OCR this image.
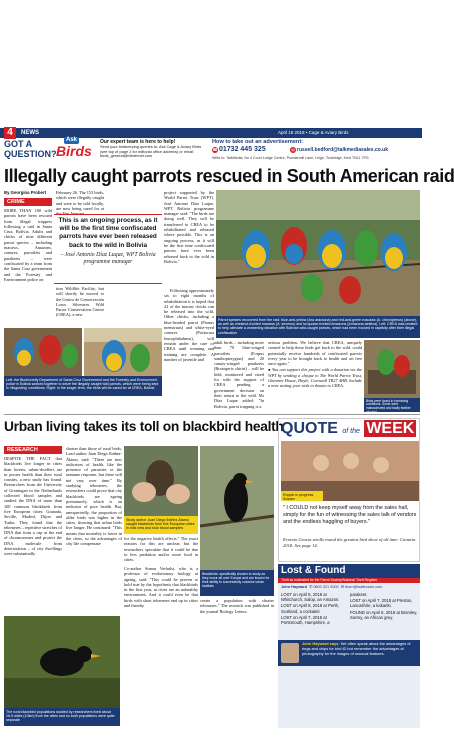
4	NEWS	April 18 2018 • Cage & Aviary Birds
GOT A
QUESTION?
Ask
Birds
Our expert team is here to help!
Send your birdkeeping queries to: Ask Cage & Aviary Birds (see top of page 2 for editorial office address) or email: birds_general@btinternet.com
How to take out an advertisement:
☎ 01732 445 325	@ russell.bedford@talkmediasales.co.uk
Write to: TalkMedia, No 4 Court Lodge Centre, Powdermill Lane, Leigh, Tonbridge, Kent TN11 7PG
Illegally caught parrots rescued in South American raid
By Georgina Probert
CRIME

MORE THAN 100 wild parrots have been rescued from illegal trappers following a raid in Santa Cruz, Bolivia. Adults and chicks of nine different parrot species – including macaws, Amazons, conures, parrotlets and parakeets – were confiscated by a team from the Santa Cruz government and the Forestry and Environment police on

February 26. The 153 birds, which were illegally caught and were to be sold locally, are now being cared for at the Fini Atenimi

This is an ongoing process, as it will be the first time confiscated parrots have ever been released back to the wild in Bolivia
– José Antonio Díaz Luque, WPT Bolivia programme manager

tion Wildlife Facility, but will shortly be moved to the Centro de Conservación Loros Silvestres Wild Parrot Conservation Centre (CREA), a new

project supported by the World Parrot Trust (WPT). José Antonio Díaz Luque, WPT Bolivia programme manager said: "The birds are doing well. They will be transferred to CREA to be rehabilitated and released where possible. This is an ongoing process, as it will be the first time confiscated parrots have ever been released back to the wild in Bolivia."

Parrot species recovered from the raid: blue-and-yellow (Ara ararauna) and red-and-green macaws (A. chloropterus) (above), as well as chestnut-fronted macaws (A. severus) and turquoise-fronted Amazons (Amazona aestiva). Left: CREA was created to help alleviate a worsening situation with Bolivian wild-caught parrots, which had been housed in captivity after their illegal confiscation

Following approximately six to eight months of rehabilitation it is hoped that 22 of the macaw chicks can be released into the wild. Other chicks, including a blue-headed parrot (Pionus menstruus) and white-eyed conures (Psittacara leucophthalmus), will remain under the care of CREA until weaning and training are complete. A number of juvenile and

Left: the Biodiversity Department of Santa Cruz Government and the Forestry and Environment police in Bolivia worked together to seize the illegally caught wild parrots, which were being kept in 'disgusting' conditions. Right: in the longer term, the birds will be cared for at CREA, Bolivia

adult birds – including more than 70 blue-winged parrotlets (Forpus xanthopterygius) and 20 canary-winged parakeets (Brotogeris chiriri) – will be held, monitored and cared for with the support of CREA pending a government decision on their return to the wild. Mr Díaz Luque added: "In Bolivia, parrot trapping is a

serious problem. We believe that CREA, uniquely created to help these birds get back to the wild, could potentially receive hundreds of confiscated parrots every year to be brought back to health and set free once again."

● You can support this project with a donation via the WPT by sending a cheque to The World Parrot Trust, Glanmor House, Hayle, Cornwall TR27 4HB. Include a note stating your wish to donate to CREA.

Birds were found in harrowing conditions. Some were malnourished and badly feather plucked
Urban living takes its toll on blackbird health
RESEARCH

DESPITE THE FACT that blackbirds live longer in cities than forests, urban-dwellers are in poorer health than their rural cousins, a new study has found. Researchers from the University of Groningen in the Netherlands collected blood samples and studied the DNA of more than 100 common blackbirds from five European cities: Granada, Seville, Madrid, Dijon and Turku. They found that the telomeres – repetitive stretches of DNA that form a cap at the end of chromosomes and protect the DNA molecule from deterioration – of city dwellings were substantially

shorter than those of rural birds. Lead author Juan Diego Ibáñez-Álamo, said: "These are new indicators of health, like the presence of parasites or the immune response, but these will not vary over time." By studying telomeres, the researchers could prove that city blackbirds are ageing prematurely, which is an indicator of poor health. But, unexpectedly, the proportion of older birds was higher in the cities, showing that urban birds live longer. He continued: "This means that mortality is lower in the cities, so the advantages of city life compensate

Study author Juan Diego Ibáñez-Álamo caught blackbirds from five European cities in mist nets and took blood samples
Blackbirds: specifically chosen to study as they occur all over Europe and are known for their ability to successfully colonise urban habitats

for the negative health effects." The exact reasons for this are unclear, but the researchers speculate that it could be due to less predation and/or more food in cities.

Co-author Simon Verhulst, who is a professor of evolutionary biology at ageing, said: "This could be proven to hold true by the hypothesis that blackbirds in the first year, at cities are an unhealthy environment. And it could even be that birds with short telomeres end up in cities and thereby

create a population with shorter telomeres." The research was published in the journal Biology Letters.

The rural blackbird populations studied by researchers lived about 16.5 miles (10km) from the cities and so both populations were quite separate
QUOTE of the WEEK
Ruppin in progress, Sussex
" I COULD not keep myself away from the sales hall, simply for the fun of witnessing the sales talk of vendors and the endless haggling of buyers."
Ernesto Gracia strolls round the greatest bird show of all time: Canaria 2018. See page 14.
Lost & Found
Theft as estimated for the Parrot Society/National Theft Register
John Hayward  ✆ 0800 321 5000  ✉ thorn@isafirearm.com
LOST on April 5, 2018 at Whitchurch, Salop, an Amazon.
LOST on April 8, 2018 at Perth, Scotland, a cockatiel.
LOST on April 7, 2018 at Portsmouth, Hampshire, a
parakeet.
LOST on April 7, 2018 at Preston, Lancashire, a kakariki.
FOUND on April 6, 2018 at Bromley, Surrey, an African grey.
John Hayward says: We often speak about the advantages of rings and chips for bird ID but remember the advantages of photography for the images of unusual features.
